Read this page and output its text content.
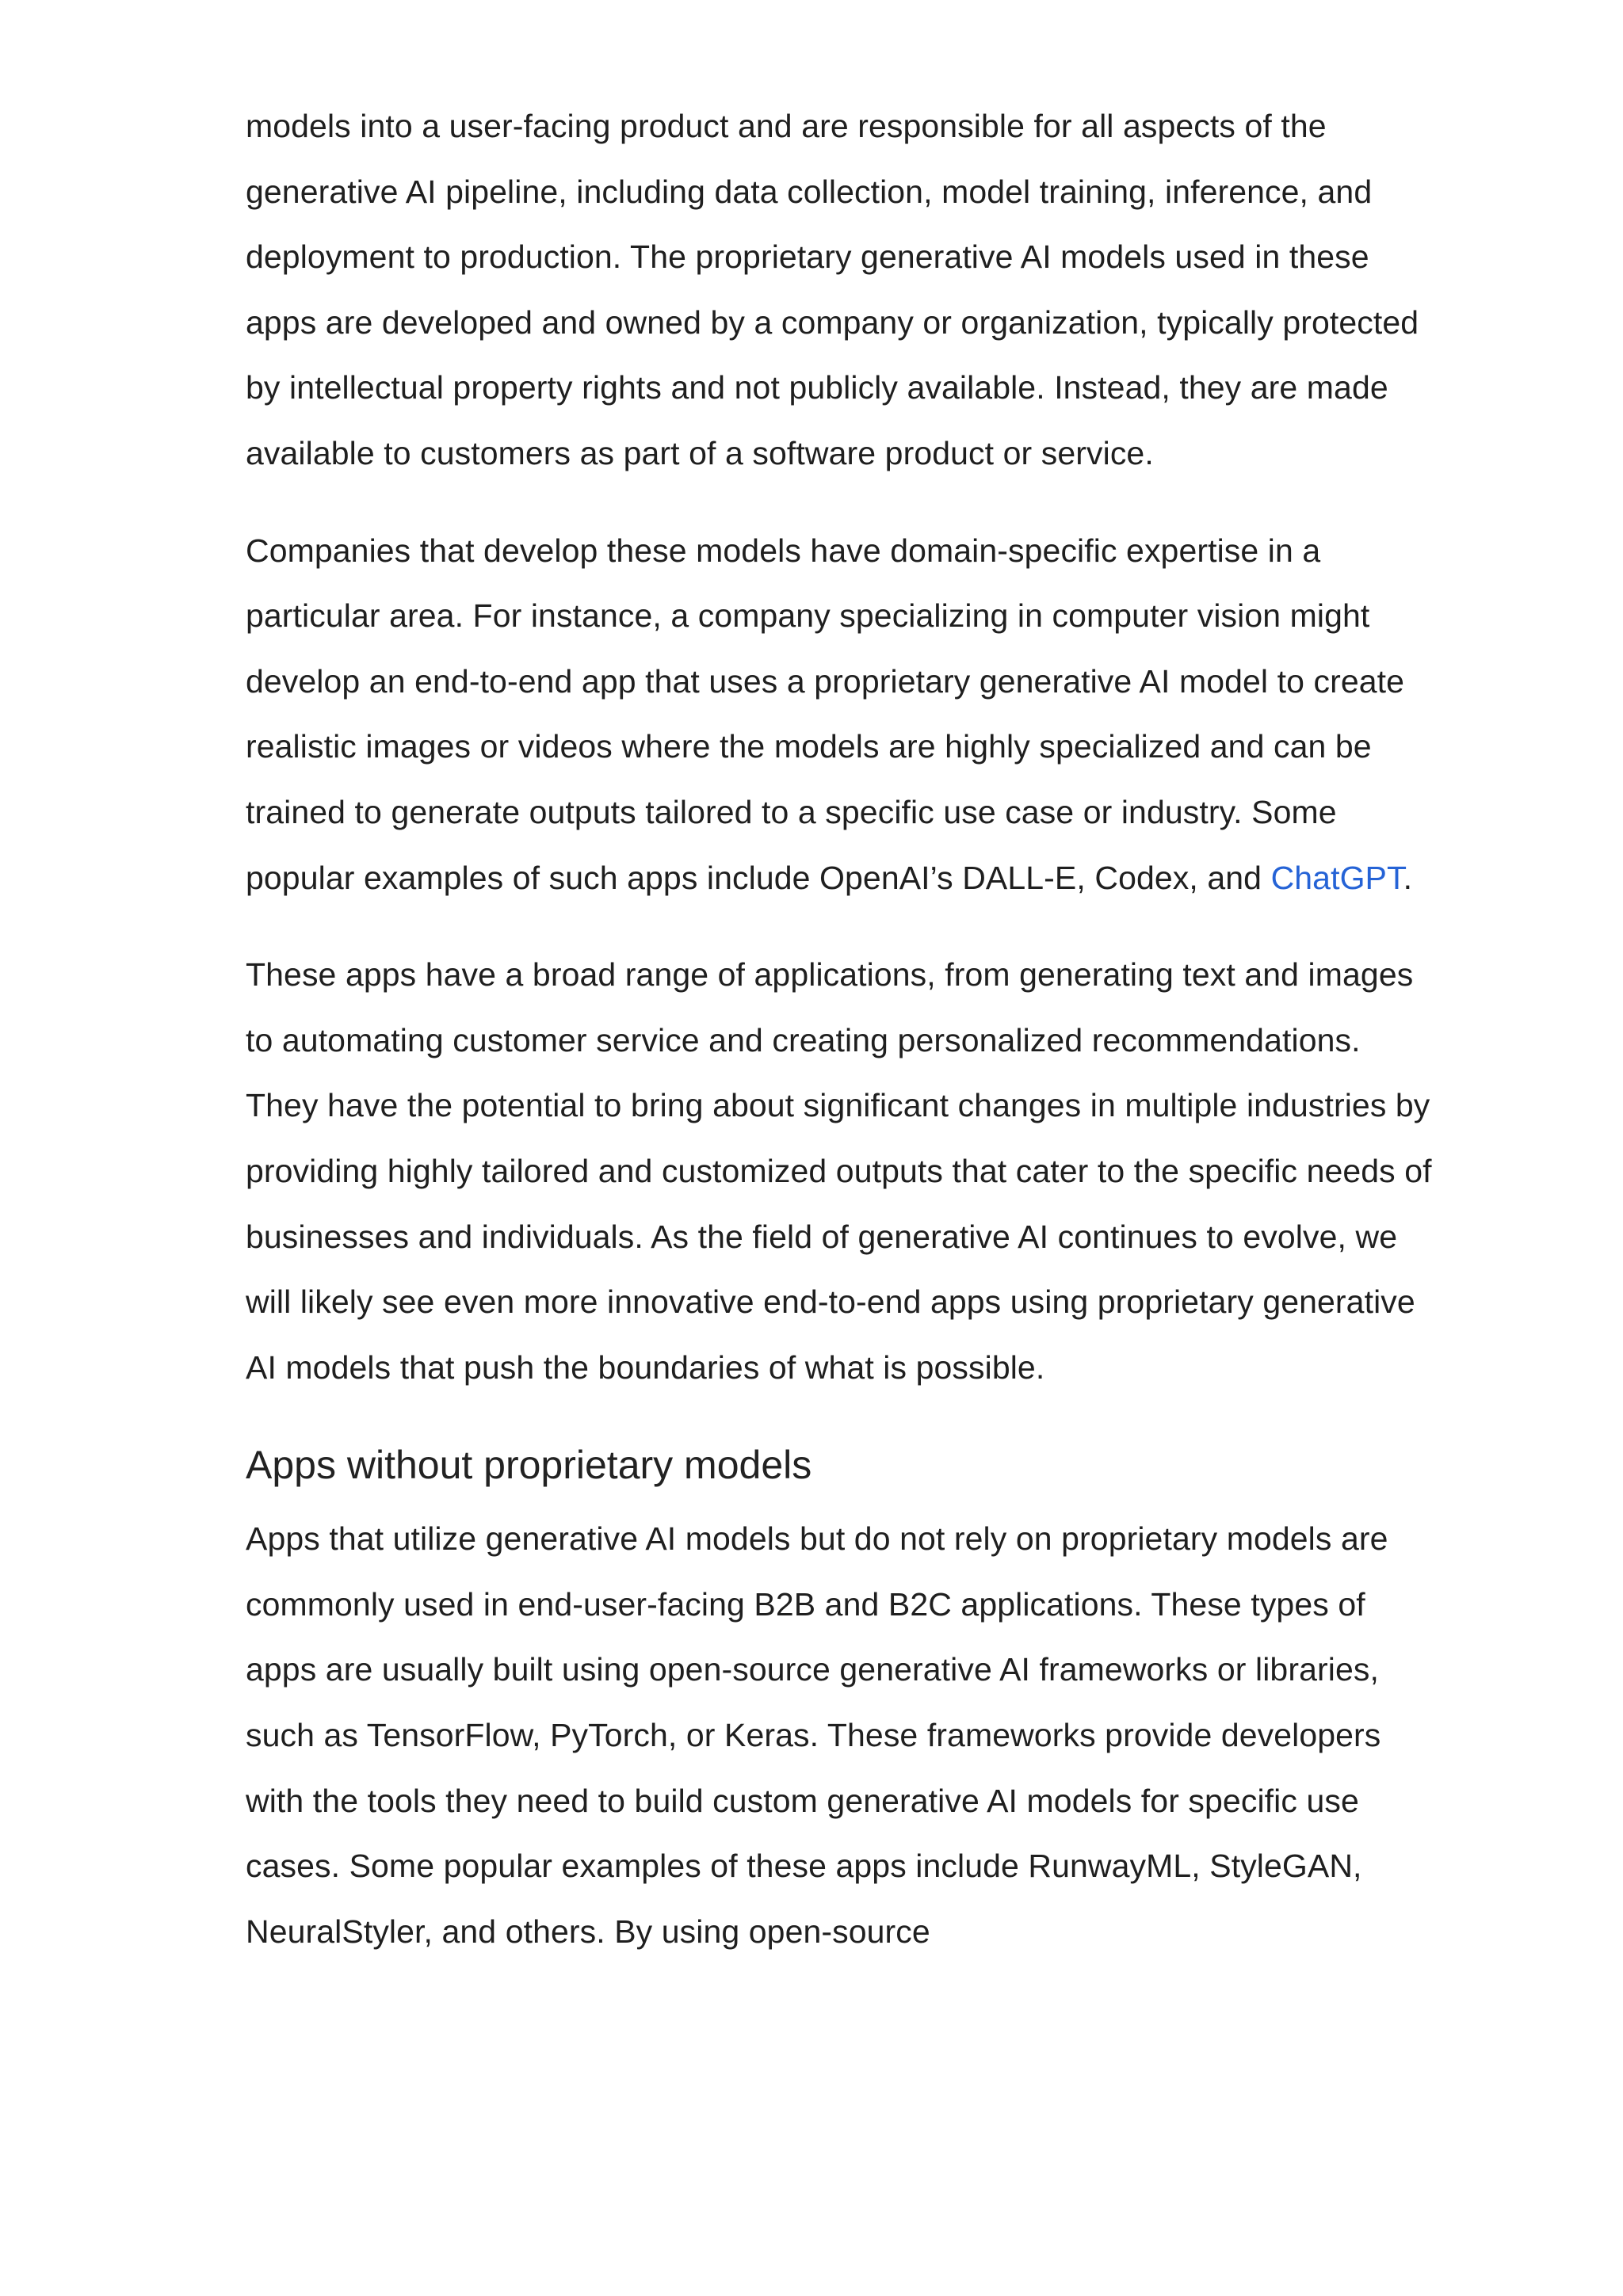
models into a user-facing product and are responsible for all aspects of the generative AI pipeline, including data collection, model training, inference, and deployment to production. The proprietary generative AI models used in these apps are developed and owned by a company or organization, typically protected by intellectual property rights and not publicly available. Instead, they are made available to customers as part of a software product or service.

Companies that develop these models have domain-specific expertise in a particular area. For instance, a company specializing in computer vision might develop an end-to-end app that uses a proprietary generative AI model to create realistic images or videos where the models are highly specialized and can be trained to generate outputs tailored to a specific use case or industry. Some popular examples of such apps include OpenAI’s DALL-E, Codex, and ChatGPT.

These apps have a broad range of applications, from generating text and images to automating customer service and creating personalized recommendations. They have the potential to bring about significant changes in multiple industries by providing highly tailored and customized outputs that cater to the specific needs of businesses and individuals. As the field of generative AI continues to evolve, we will likely see even more innovative end-to-end apps using proprietary generative AI models that push the boundaries of what is possible.

Apps without proprietary models

Apps that utilize generative AI models but do not rely on proprietary models are commonly used in end-user-facing B2B and B2C applications. These types of apps are usually built using open-source generative AI frameworks or libraries, such as TensorFlow, PyTorch, or Keras. These frameworks provide developers with the tools they need to build custom generative AI models for specific use cases. Some popular examples of these apps include RunwayML, StyleGAN, NeuralStyler, and others. By using open-source
